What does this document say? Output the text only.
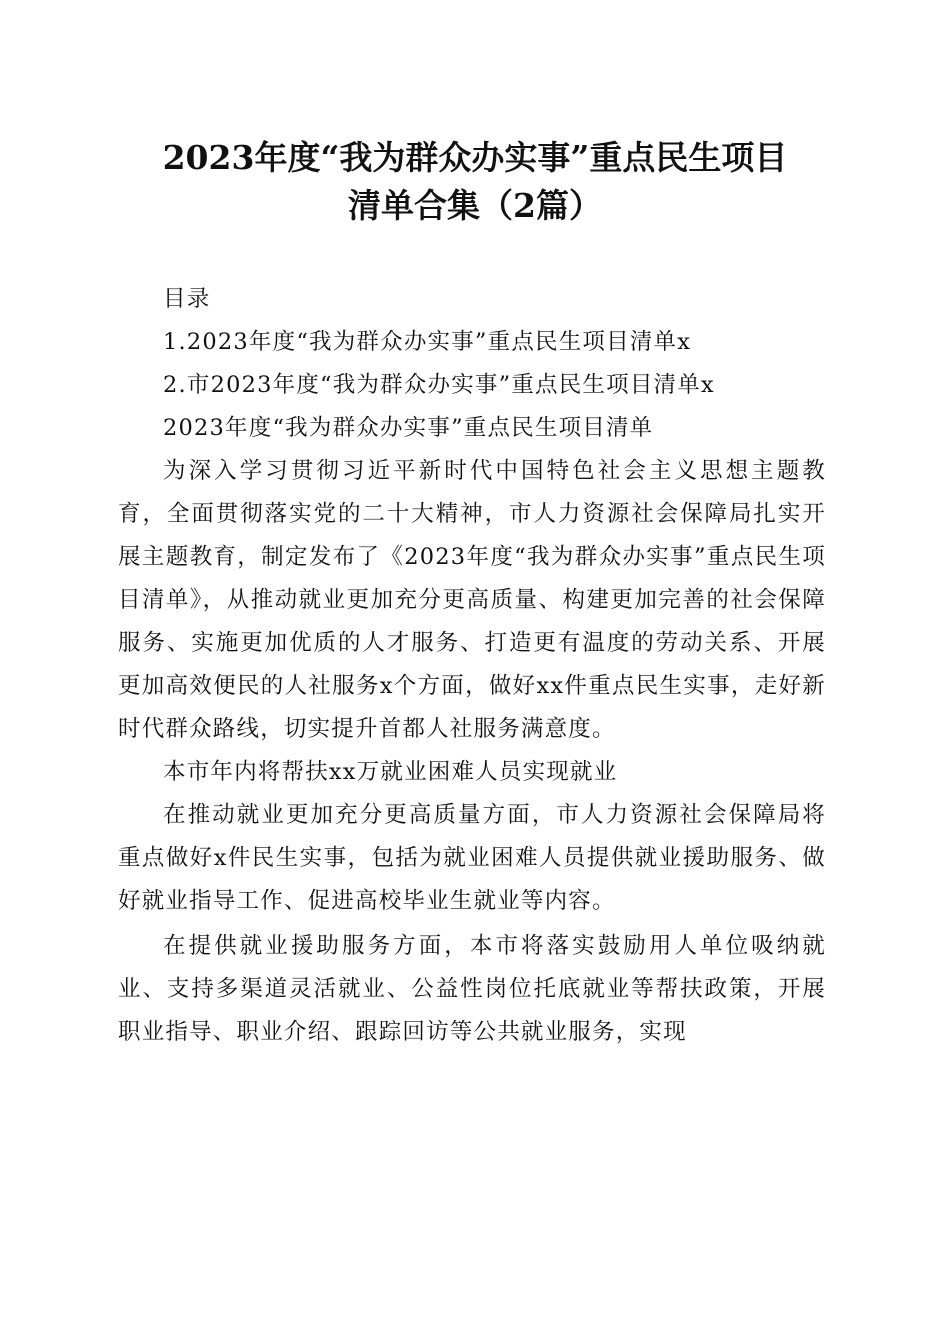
2023年度“我为群众办实事”重点民生项目
清单合集（2篇）

目录

1.2023年度“我为群众办实事”重点民生项目清单x

2.市2023年度“我为群众办实事”重点民生项目清单x

2023年度“我为群众办实事”重点民生项目清单

为深入学习贯彻习近平新时代中国特色社会主义思想主题教育，全面贯彻落实党的二十大精神，市人力资源社会保障局扎实开展主题教育，制定发布了《2023年度“我为群众办实事”重点民生项目清单》，从推动就业更加充分更高质量、构建更加完善的社会保障服务、实施更加优质的人才服务、打造更有温度的劳动关系、开展更加高效便民的人社服务x个方面，做好xx件重点民生实事，走好新时代群众路线，切实提升首都人社服务满意度。

本市年内将帮扶xx万就业困难人员实现就业

在推动就业更加充分更高质量方面，市人力资源社会保障局将重点做好x件民生实事，包括为就业困难人员提供就业援助服务、做好就业指导工作、促进高校毕业生就业等内容。

在提供就业援助服务方面，本市将落实鼓励用人单位吸纳就业、支持多渠道灵活就业、公益性岗位托底就业等帮扶政策，开展职业指导、职业介绍、跟踪回访等公共就业服务，实现
